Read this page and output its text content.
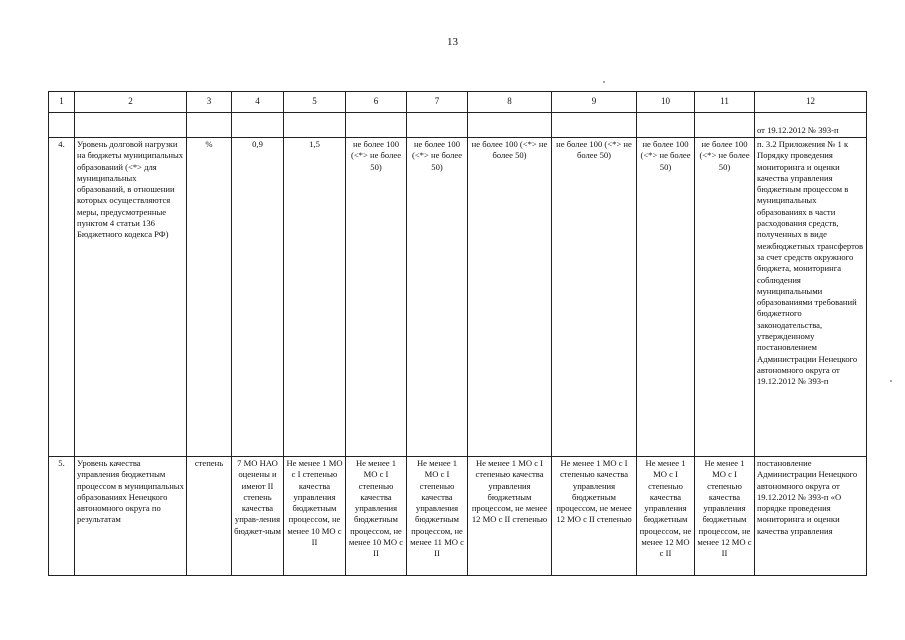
13
1	2	3	4	5	6	7	8	9	10	11	12
											от 19.12.2012 № 393-п
4.	Уровень долговой нагрузки на бюджеты муниципальных образований (<*> для муниципальных образований, в отношении которых осуществляются меры, предусмотренные пунктом 4 статьи 136 Бюджетного кодекса РФ)	%	0,9	1,5	не более 100 (<*> не более 50)	не более 100 (<*> не более 50)	не более 100 (<*> не более 50)	не более 100 (<*> не более 50)	не более 100 (<*> не более 50)	не более 100 (<*> не более 50)	п. 3.2 Приложения № 1 к Порядку проведения мониторинга и оценки качества управления бюджетным процессом в муниципальных образованиях в части расходования средств, полученных в виде межбюджетных трансфертов за счет средств окружного бюджета, мониторинга соблюдения муниципальными образованиями требований бюджетного законодательства, утвержденному постановлением Администрации Ненецкого автономного округа от 19.12.2012 № 393-п
5.	Уровень качества управления бюджетным процессом в муниципальных образованиях Ненецкого автономного округа по результатам	степень	7 МО НАО оценены и имеют II степень качества управ-ления бюджет-ным	Не менее 1 МО с I степенью качества управления бюджетным процессом, не менее 10 МО с II	Не менее 1 МО с I степенью качества управления бюджетным процессом, не менее 10 МО с II	Не менее 1 МО с I степенью качества управления бюджетным процессом, не менее 11 МО с II	Не менее 1 МО с I степенью качества управления бюджетным процессом, не менее 12 МО с II степенью	Не менее 1 МО с I степенью качества управления бюджетным процессом, не менее 12 МО с II степенью	Не менее 1 МО с I степенью качества управления бюджетным процессом, не менее 12 МО с II	Не менее 1 МО с I степенью качества управления бюджетным процессом, не менее 12 МО с II	постановление Администрации Ненецкого автономного округа от 19.12.2012 № 393-п «О порядке проведения мониторинга и оценки качества управления
